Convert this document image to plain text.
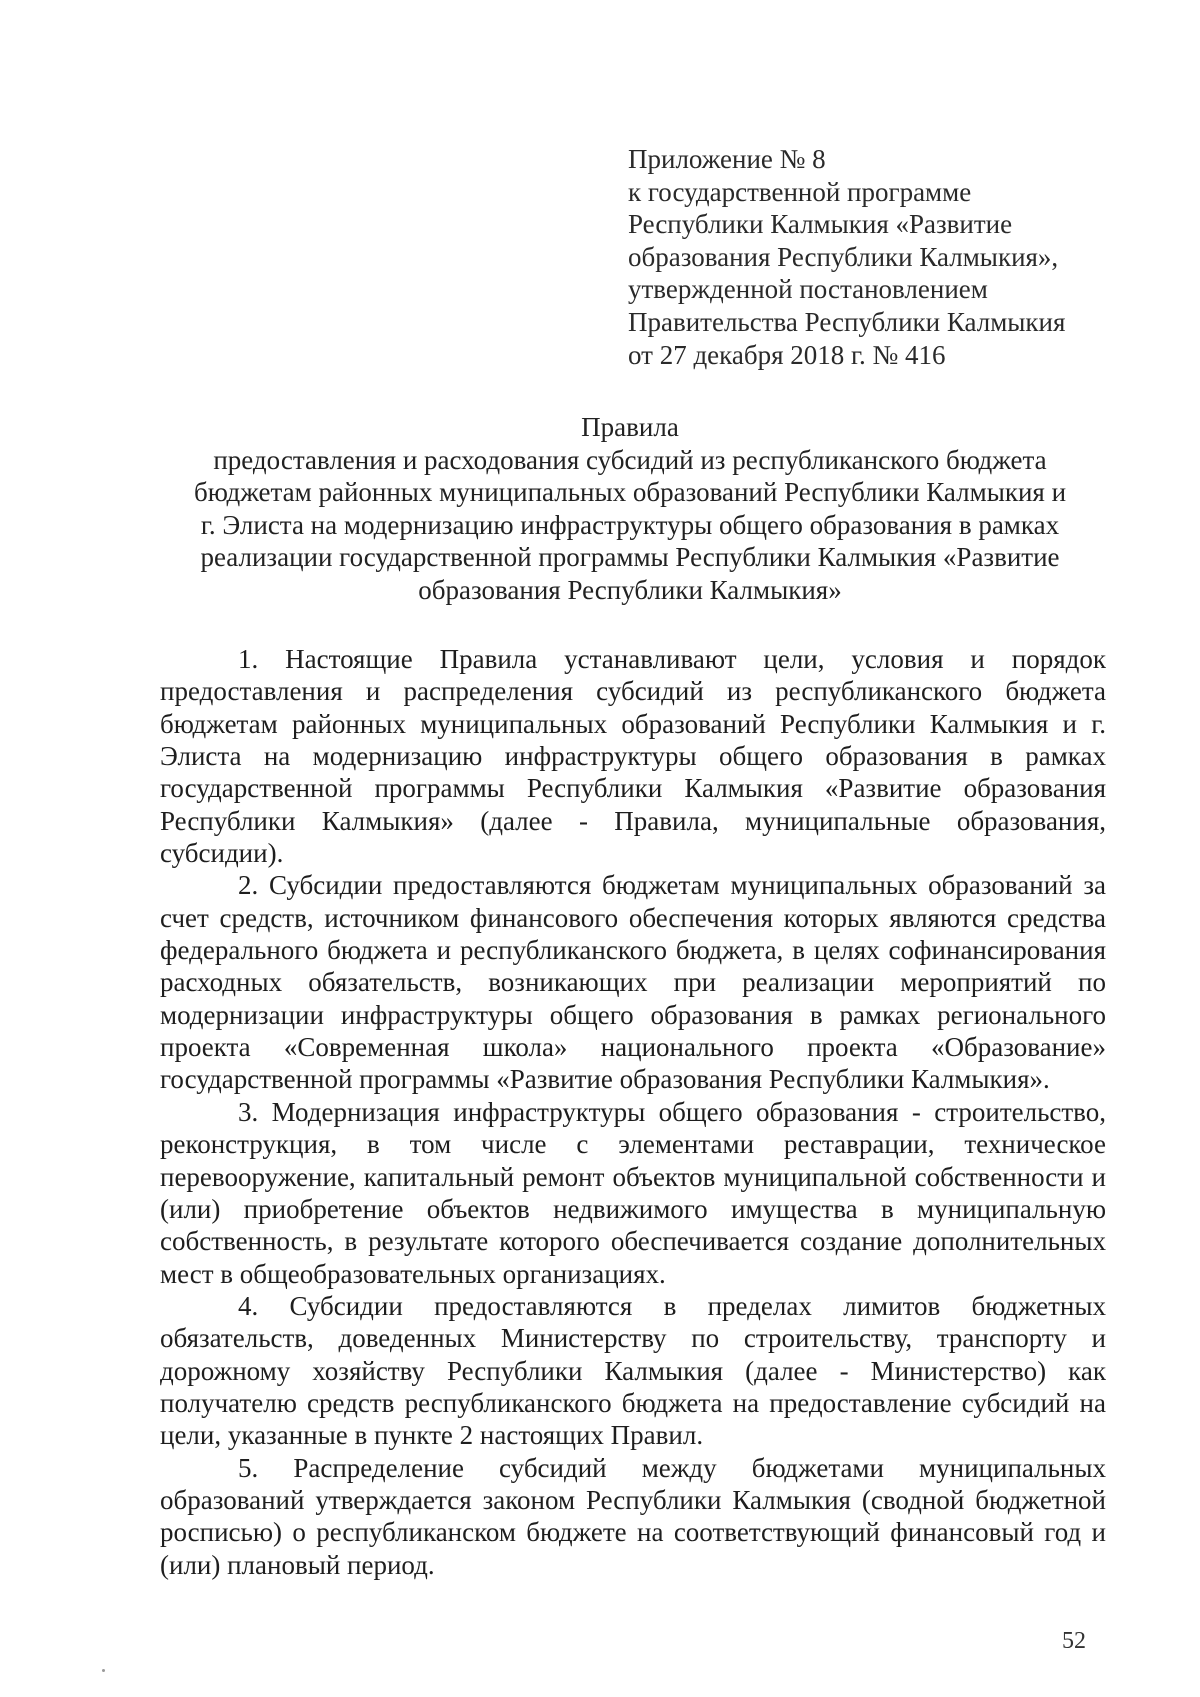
Приложение № 8
к государственной программе
Республики Калмыкия «Развитие
образования Республики Калмыкия»,
утвержденной постановлением
Правительства Республики Калмыкия
от 27 декабря 2018 г. № 416
Правила
предоставления и расходования субсидий из республиканского бюджета
бюджетам районных муниципальных образований Республики Калмыкия и
г. Элиста на модернизацию инфраструктуры общего образования в рамках
реализации государственной программы Республики Калмыкия «Развитие
образования Республики Калмыкия»

1. Настоящие Правила устанавливают цели, условия и порядок предоставления и распределения субсидий из республиканского бюджета бюджетам районных муниципальных образований Республики Калмыкия и г. Элиста на модернизацию инфраструктуры общего образования в рамках государственной программы Республики Калмыкия «Развитие образования Республики Калмыкия» (далее - Правила, муниципальные образования, субсидии).

2. Субсидии предоставляются бюджетам муниципальных образований за счет средств, источником финансового обеспечения которых являются средства федерального бюджета и республиканского бюджета, в целях софинансирования расходных обязательств, возникающих при реализации мероприятий по модернизации инфраструктуры общего образования в рамках регионального проекта «Современная школа» национального проекта «Образование» государственной программы «Развитие образования Республики Калмыкия».

3. Модернизация инфраструктуры общего образования - строительство, реконструкция, в том числе с элементами реставрации, техническое перевооружение, капитальный ремонт объектов муниципальной собственности и (или) приобретение объектов недвижимого имущества в муниципальную собственность, в результате которого обеспечивается создание дополнительных мест в общеобразовательных организациях.

4. Субсидии предоставляются в пределах лимитов бюджетных обязательств, доведенных Министерству по строительству, транспорту и дорожному хозяйству Республики Калмыкия (далее - Министерство) как получателю средств республиканского бюджета на предоставление субсидий на цели, указанные в пункте 2 настоящих Правил.

5. Распределение субсидий между бюджетами муниципальных образований утверждается законом Республики Калмыкия (сводной бюджетной росписью) о республиканском бюджете на соответствующий финансовый год и (или) плановый период.

52
